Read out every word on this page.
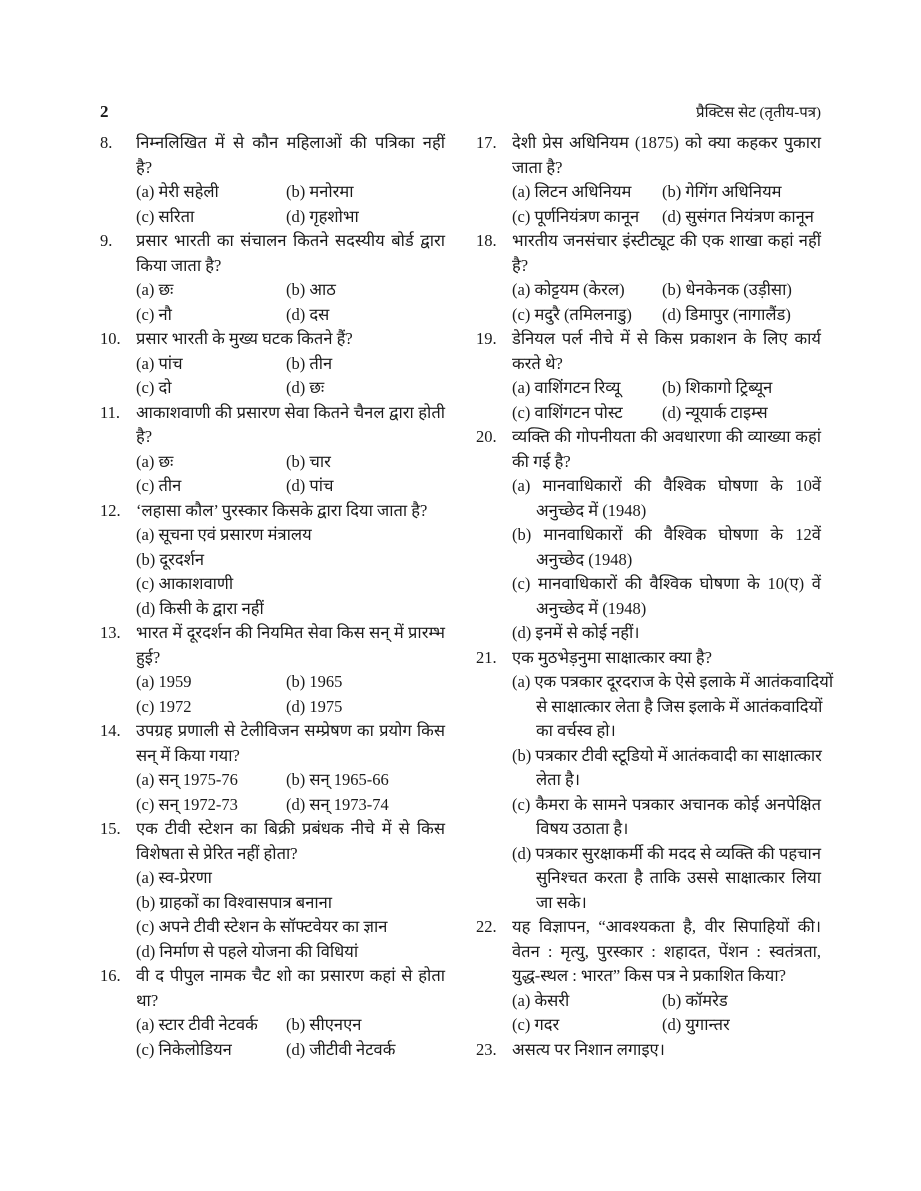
2	प्रैक्टिस सेट (तृतीय-पत्र)
8. निम्नलिखित में से कौन महिलाओं की पत्रिका नहीं
है?
(a) मेरी सहेली	(b) मनोरमा
(c) सरिता	(d) गृहशोभा
9. प्रसार भारती का संचालन कितने सदस्यीय बोर्ड द्वारा
किया जाता है?
(a) छः	(b) आठ
(c) नौ	(d) दस
10. प्रसार भारती के मुख्य घटक कितने हैं?
(a) पांच	(b) तीन
(c) दो	(d) छः
11. आकाशवाणी की प्रसारण सेवा कितने चैनल द्वारा होती
है?
(a) छः	(b) चार
(c) तीन	(d) पांच
12. ‘लहासा कौल’ पुरस्कार किसके द्वारा दिया जाता है?
(a) सूचना एवं प्रसारण मंत्रालय
(b) दूरदर्शन
(c) आकाशवाणी
(d) किसी के द्वारा नहीं
13. भारत में दूरदर्शन की नियमित सेवा किस सन् में प्रारम्भ
हुई?
(a) 1959	(b) 1965
(c) 1972	(d) 1975
14. उपग्रह प्रणाली से टेलीविजन सम्प्रेषण का प्रयोग किस
सन् में किया गया?
(a) सन् 1975-76	(b) सन् 1965-66
(c) सन् 1972-73	(d) सन् 1973-74
15. एक टीवी स्टेशन का बिक्री प्रबंधक नीचे में से किस
विशेषता से प्रेरित नहीं होता?
(a) स्व-प्रेरणा
(b) ग्राहकों का विश्वासपात्र बनाना
(c) अपने टीवी स्टेशन के सॉफ्टवेयर का ज्ञान
(d) निर्माण से पहले योजना की विधियां
16. वी द पीपुल नामक चैट शो का प्रसारण कहां से होता
था?
(a) स्टार टीवी नेटवर्क (b) सीएनएन
(c) निकेलोडियन	(d) जीटीवी नेटवर्क
17. देशी प्रेस अधिनियम (1875) को क्या कहकर पुकारा
जाता है?
(a) लिटन अधिनियम (b) गेगिंग अधिनियम
(c) पूर्णनियंत्रण कानून (d) सुसंगत नियंत्रण कानून
18. भारतीय जनसंचार इंस्टीट्यूट की एक शाखा कहां नहीं
है?
(a) कोट्टयम (केरल) (b) धेनकेनक (उड़ीसा)
(c) मदुरै (तमिलनाडु) (d) डिमापुर (नागालैंड)
19. डेनियल पर्ल नीचे में से किस प्रकाशन के लिए कार्य
करते थे?
(a) वाशिंगटन रिव्यू	(b) शिकागो ट्रिब्यून
(c) वाशिंगटन पोस्ट (d) न्यूयार्क टाइम्स
20. व्यक्ति की गोपनीयता की अवधारणा की व्याख्या कहां
की गई है?
(a) मानवाधिकारों की वैश्विक घोषणा के 10वें
अनुच्छेद में (1948)
(b) मानवाधिकारों की वैश्विक घोषणा के 12वें
अनुच्छेद (1948)
(c) मानवाधिकारों की वैश्विक घोषणा के 10(ए) वें
अनुच्छेद में (1948)
(d) इनमें से कोई नहीं।
21. एक मुठभेड़नुमा साक्षात्कार क्या है?
(a) एक पत्रकार दूरदराज के ऐसे इलाके में आतंकवादियों
से साक्षात्कार लेता है जिस इलाके में आतंकवादियों
का वर्चस्व हो।
(b) पत्रकार टीवी स्टूडियो में आतंकवादी का साक्षात्कार
लेता है।
(c) कैमरा के सामने पत्रकार अचानक कोई अनपेक्षित
विषय उठाता है।
(d) पत्रकार सुरक्षाकर्मी की मदद से व्यक्ति की पहचान
सुनिश्चत करता है ताकि उससे साक्षात्कार लिया
जा सके।
22. यह विज्ञापन, “आवश्यकता है, वीर सिपाहियों की।
वेतन : मृत्यु, पुरस्कार : शहादत, पेंशन : स्वतंत्रता,
युद्ध-स्थल : भारत” किस पत्र ने प्रकाशित किया?
(a) केसरी	(b) कॉमरेड
(c) गदर	(d) युगान्तर
23. असत्य पर निशान लगाइए।
